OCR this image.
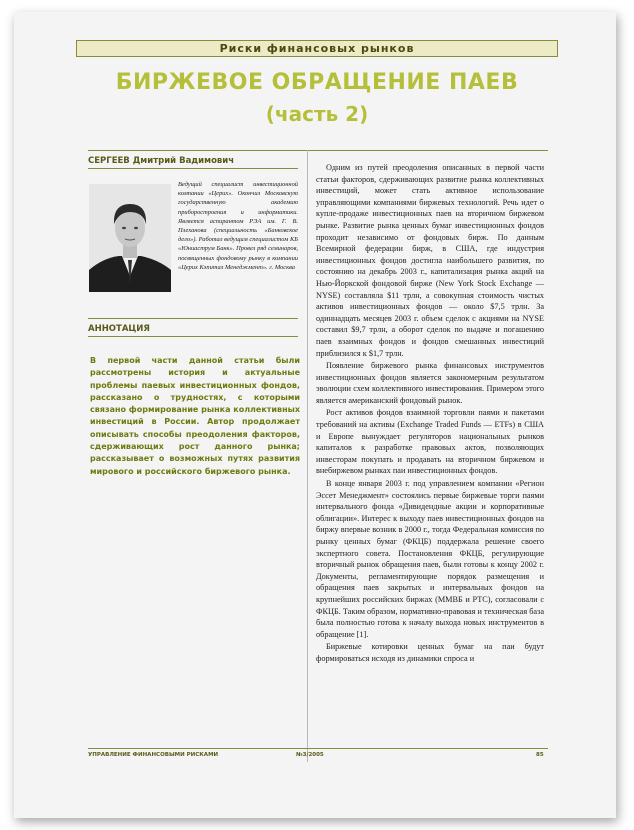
Риски финансовых рынков
БИРЖЕВОЕ ОБРАЩЕНИЕ ПАЕВ
(часть 2)
СЕРГЕЕВ Дмитрий Вадимович
Ведущий специалист инвестиционной компании «Церих». Окончил Московскую государственную академию приборостроения и информатики. Является аспирантом РЭА им. Г. В. Плеханова (специальность «Банковское дело»). Работал ведущим специалистом КБ «Юниаструм Банк». Провел ряд семинаров, посвященных фондовому рынку в компании «Церих Кэпитал Менеджмент». г. Москва
АННОТАЦИЯ
В первой части данной статьи были рассмотрены история и актуальные проблемы паевых инвестиционных фондов, рассказано о трудностях, с которыми связано формирование рынка коллективных инвестиций в России. Автор продолжает описывать способы преодоления факторов, сдерживающих рост данного рынка; рассказывает о возможных путях развития мирового и российского биржевого рынка.

Одним из путей преодоления описанных в первой части статьи факторов, сдерживающих развитие рынка коллективных инвестиций, может стать активное использование управляющими компаниями биржевых технологий. Речь идет о купле-продаже инвестиционных паев на вторичном биржевом рынке. Развитие рынка ценных бумаг инвестиционных фондов проходит независимо от фондовых бирж. По данным Всемирной федерации бирж, в США, где индустрия инвестиционных фондов достигла наибольшего развития, по состоянию на декабрь 2003 г., капитализация рынка акций на Нью-Йоркской фондовой бирже (New York Stock Exchange — NYSE) составляла $11 трлн, а совокупная стоимость чистых активов инвестиционных фондов — около $7,5 трлн. За одиннадцать месяцев 2003 г. объем сделок с акциями на NYSE составил $9,7 трлн, а оборот сделок по выдаче и погашению паев взаимных фондов и фондов смешанных инвестиций приблизился к $1,7 трлн.

Появление биржевого рынка финансовых инструментов инвестиционных фондов является закономерным результатом эволюции схем коллективного инвестирования. Примером этого является американский фондовый рынок.

Рост активов фондов взаимной торговли паями и пакетами требований на активы (Exchange Traded Funds — ETFs) в США и Европе вынуждает регуляторов национальных рынков капиталов к разработке правовых актов, позволяющих инвесторам покупать и продавать на вторичном биржевом и внебиржевом рынках паи инвестиционных фондов.

В конце января 2003 г. под управлением компании «Регион Эссет Менеджмент» состоялись первые биржевые торги паями интервального фонда «Дивидендные акции и корпоративные облигации». Интерес к выходу паев инвестиционных фондов на биржу впервые возник в 2000 г., тогда Федеральная комиссия по рынку ценных бумаг (ФКЦБ) поддержала решение своего экспертного совета. Постановления ФКЦБ, регулирующие вторичный рынок обращения паев, были готовы к концу 2002 г. Документы, регламентирующие порядок размещения и обращения паев закрытых и интервальных фондов на крупнейших российских биржах (ММВБ и РТС), согласовали с ФКЦБ. Таким образом, нормативно-правовая и техническая база была полностью готова к началу выхода новых инструментов в обращение [1].

Биржевые котировки ценных бумаг на паи будут формироваться исходя из динамики спроса и

УПРАВЛЕНИЕ ФИНАНСОВЫМИ РИСКАМИ	№3/2005	85
